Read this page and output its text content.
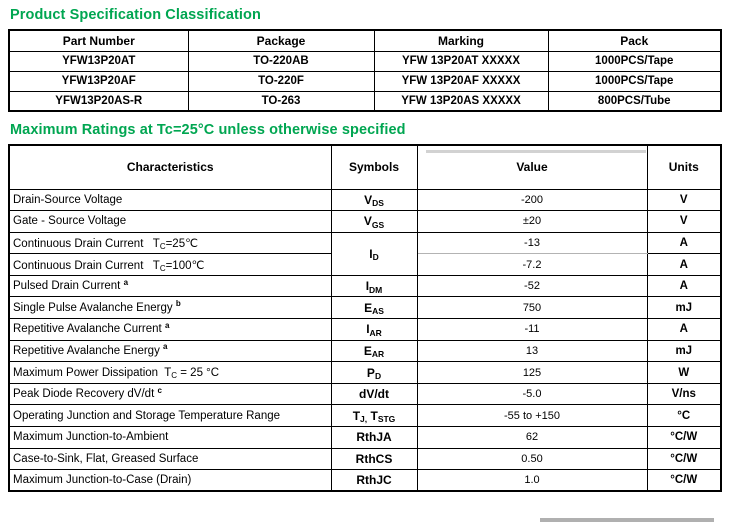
Product Specification Classification
Part Number	Package	Marking	Pack
YFW13P20AT	TO-220AB	YFW 13P20AT XXXXX	1000PCS/Tape
YFW13P20AF	TO-220F	YFW 13P20AF XXXXX	1000PCS/Tape
YFW13P20AS-R	TO-263	YFW 13P20AS XXXXX	800PCS/Tube
Maximum Ratings at Tc=25°C unless otherwise specified
Characteristics	Symbols	Value	Units
Drain-Source Voltage	$V_{DS}$	-200	V
Gate - Source Voltage	$V_{GS}$	±20	V
Continuous Drain Current   $T_C=25℃$	$I_D$	-13	A
Continuous Drain Current   $T_C=100℃$		-7.2	A
Pulsed Drain Current $^a$	$I_{DM}$	-52	A
Single Pulse Avalanche Energy $^b$	$E_{AS}$	750	mJ
Repetitive Avalanche Current $^a$	$I_{AR}$	-11	A
Repetitive Avalanche Energy $^a$	$E_{AR}$	13	mJ
Maximum Power Dissipation  $T_C = 25$ °C	$P_D$	125	W
Peak Diode Recovery dV/dt $^c$	dV/dt	-5.0	V/ns
Operating Junction and Storage Temperature Range	$T_{J,}$ $T_{STG}$	-55 to +150	°C
Maximum Junction-to-Ambient	RthJA	62	°C/W
Case-to-Sink, Flat, Greased Surface	RthCS	0.50	°C/W
Maximum Junction-to-Case (Drain)	RthJC	1.0	°C/W
